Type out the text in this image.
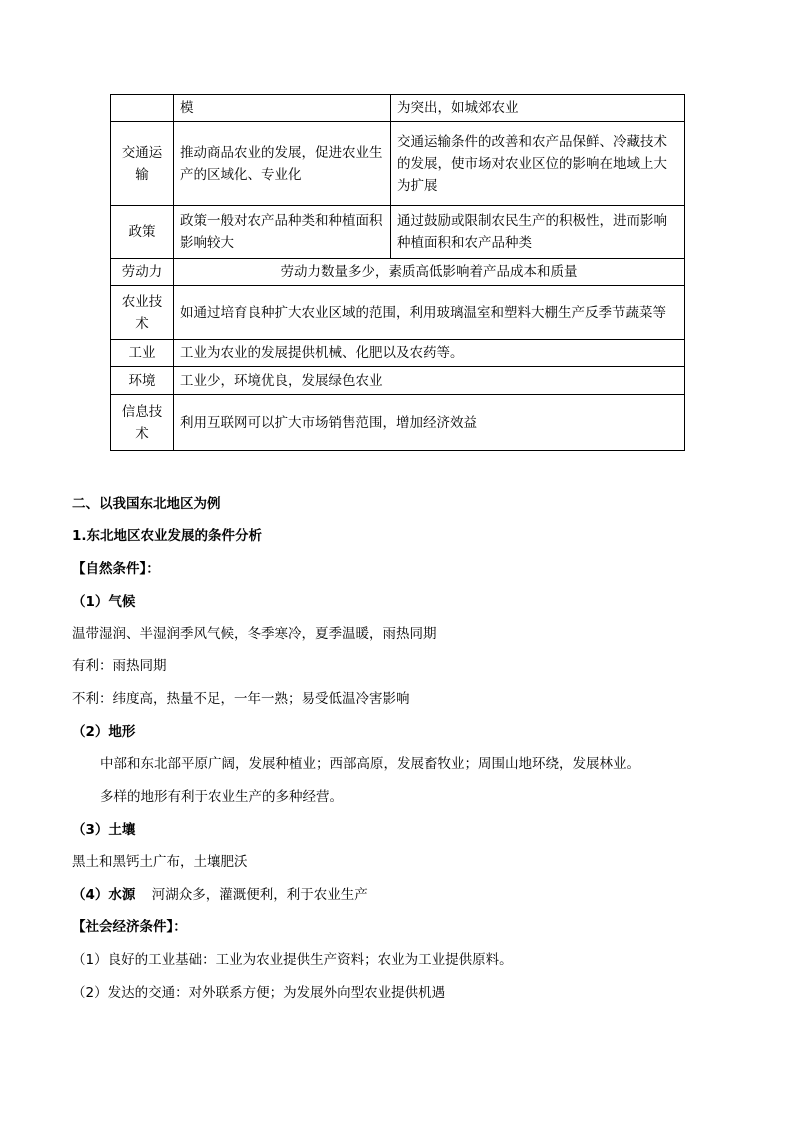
	模	为突出，如城郊农业
交通运输	推动商品农业的发展，促进农业生产的区域化、专业化	交通运输条件的改善和农产品保鲜、冷藏技术的发展，使市场对农业区位的影响在地域上大为扩展
政策	政策一般对农产品种类和种植面积影响较大	通过鼓励或限制农民生产的积极性，进而影响种植面积和农产品种类
劳动力	劳动力数量多少，素质高低影响着产品成本和质量	
农业技术	如通过培育良种扩大农业区域的范围，利用玻璃温室和塑料大棚生产反季节蔬菜等	
工业	工业为农业的发展提供机械、化肥以及农药等。	
环境	工业少，环境优良，发展绿色农业	
信息技术	利用互联网可以扩大市场销售范围，增加经济效益	
二、以我国东北地区为例
1.东北地区农业发展的条件分析
【自然条件】：
（1）气候
温带湿润、半湿润季风气候，冬季寒冷，夏季温暖，雨热同期
有利：雨热同期
不利：纬度高，热量不足，一年一熟；易受低温冷害影响
（2）地形
中部和东北部平原广阔，发展种植业；西部高原，发展畜牧业；周围山地环绕，发展林业。
多样的地形有利于农业生产的多种经营。
（3）土壤
黑土和黑钙土广布，土壤肥沃
（4）水源 河湖众多，灌溉便利，利于农业生产
【社会经济条件】：
（1）良好的工业基础：工业为农业提供生产资料；农业为工业提供原料。
（2）发达的交通：对外联系方便；为发展外向型农业提供机遇
